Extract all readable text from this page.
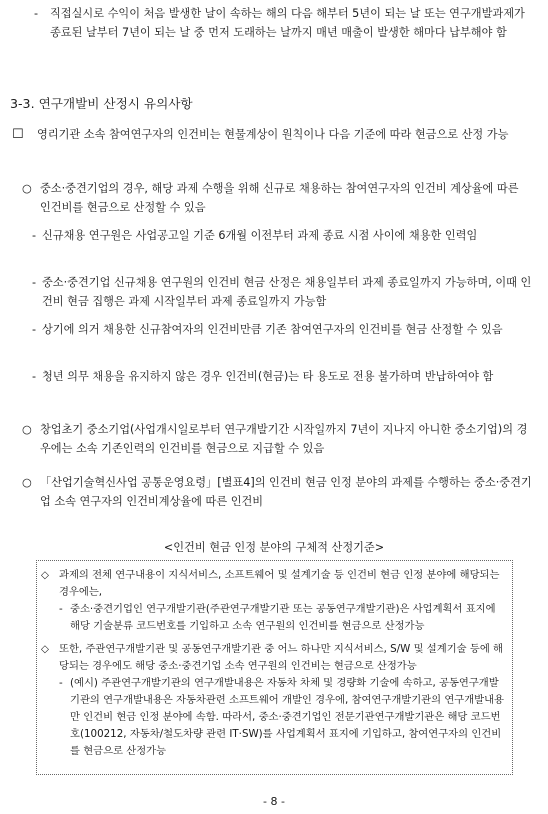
- 직접실시로 수익이 처음 발생한 날이 속하는 해의 다음 해부터 5년이 되는 날 또는 연구개발과제가 종료된 날부터 7년이 되는 날 중 먼저 도래하는 날까지 매년 매출이 발생한 해마다 납부해야 함
3-3. 연구개발비 산정시 유의사항
☐ 영리기관 소속 참여연구자의 인건비는 현물계상이 원칙이나 다음 기준에 따라 현금으로 산정 가능
○ 중소·중견기업의 경우, 해당 과제 수행을 위해 신규로 채용하는 참여연구자의 인건비 계상율에 따른 인건비를 현금으로 산정할 수 있음
- 신규채용 연구원은 사업공고일 기준 6개월 이전부터 과제 종료 시점 사이에 채용한 인력임
- 중소·중견기업 신규채용 연구원의 인건비 현금 산정은 채용일부터 과제 종료일까지 가능하며, 이때 인건비 현금 집행은 과제 시작일부터 과제 종료일까지 가능함
- 상기에 의거 채용한 신규참여자의 인건비만큼 기존 참여연구자의 인건비를 현금 산정할 수 있음
- 청년 의무 채용을 유지하지 않은 경우 인건비(현금)는 타 용도로 전용 불가하며 반납하여야 함
○ 창업초기 중소기업(사업개시일로부터 연구개발기간 시작일까지 7년이 지나지 아니한 중소기업)의 경우에는 소속 기존인력의 인건비를 현금으로 지급할 수 있음
○ 「산업기술혁신사업 공통운영요령」[별표4]의 인건비 현금 인정 분야의 과제를 수행하는 중소·중견기업 소속 연구자의 인건비계상율에 따른 인건비
<인건비 현금 인정 분야의 구체적 산정기준>
◇ 과제의 전체 연구내용이 지식서비스, 소프트웨어 및 설계기술 등 인건비 현금 인정 분야에 해당되는 경우에는,
- 중소·중견기업인 연구개발기관(주관연구개발기관 또는 공동연구개발기관)은 사업계획서 표지에 해당 기술분류 코드번호를 기입하고 소속 연구원의 인건비를 현금으로 산정가능
◇ 또한, 주관연구개발기관 및 공동연구개발기관 중 어느 하나만 지식서비스, S/W 및 설계기술 등에 해당되는 경우에도 해당 중소·중견기업 소속 연구원의 인건비는 현금으로 산정가능
- (예시) 주관연구개발기관의 연구개발내용은 자동차 차체 및 경량화 기술에 속하고, 공동연구개발기관의 연구개발내용은 자동차관련 소프트웨어 개발인 경우에, 참여연구개발기관의 연구개발내용만 인건비 현금 인정 분야에 속함. 따라서, 중소·중견기업인 전문기관연구개발기관은 해당 코드번호(100212, 자동차/철도차량 관련 IT·SW)를 사업계획서 표지에 기입하고, 참여연구자의 인건비를 현금으로 산정가능
- 8 -
